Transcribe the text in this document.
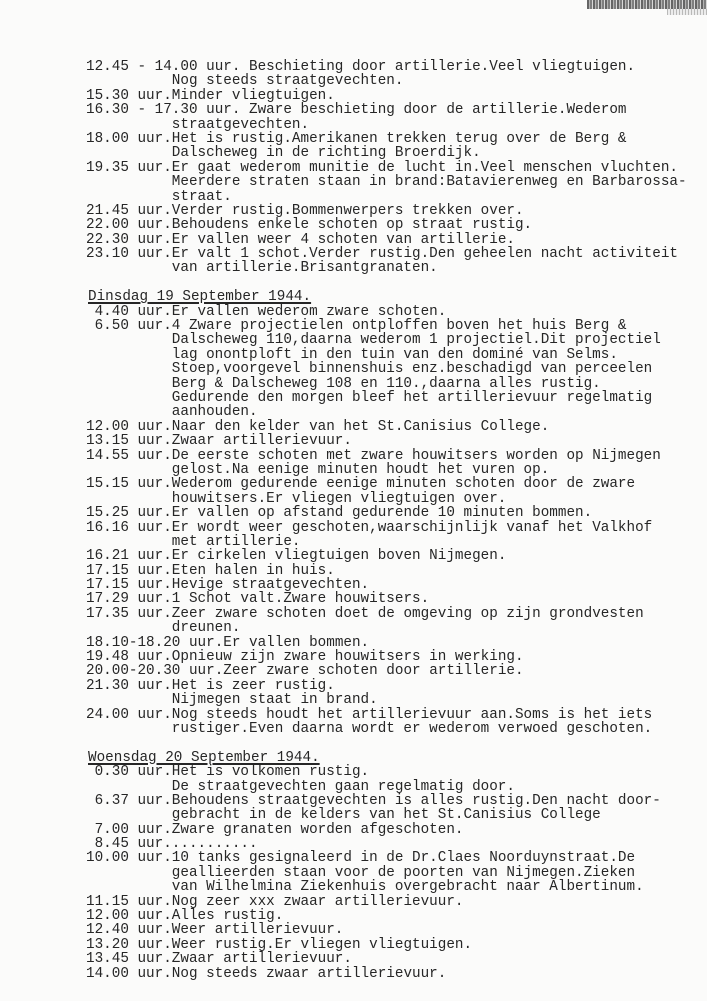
12.45 - 14.00 uur. Beschieting door artillerie.Veel vliegtuigen.
Nog steeds straatgevechten.
15.30 uur.Minder vliegtuigen.
16.30 - 17.30 uur. Zware beschieting door de artillerie.Wederom
straatgevechten.
18.00 uur.Het is rustig.Amerikanen trekken terug over de Berg &
Dalscheweg in de richting Broerdijk.
19.35 uur.Er gaat wederom munitie de lucht in.Veel menschen vluchten.
Meerdere straten staan in brand:Batavierenweg en Barbarossa-
straat.
21.45 uur.Verder rustig.Bommenwerpers trekken over.
22.00 uur.Behoudens enkele schoten op straat rustig.
22.30 uur.Er vallen weer 4 schoten van artillerie.
23.10 uur.Er valt 1 schot.Verder rustig.Den geheelen nacht activiteit
van artillerie.Brisantgranaten.
Dinsdag 19 September 1944.
4.40 uur.Er vallen wederom zware schoten.
6.50 uur.4 Zware projectielen ontploffen boven het huis Berg &
Dalscheweg 110,daarna wederom 1 projectiel.Dit projectiel
lag onontploft in den tuin van den dominé van Selms.
Stoep,voorgevel binnenshuis enz.beschadigd van perceelen
Berg & Dalscheweg 108 en 110.,daarna alles rustig.
Gedurende den morgen bleef het artillerievuur regelmatig
aanhouden.
12.00 uur.Naar den kelder van het St.Canisius College.
13.15 uur.Zwaar artillerievuur.
14.55 uur.De eerste schoten met zware houwitsers worden op Nijmegen
gelost.Na eenige minuten houdt het vuren op.
15.15 uur.Wederom gedurende eenige minuten schoten door de zware
houwitsers.Er vliegen vliegtuigen over.
15.25 uur.Er vallen op afstand gedurende 10 minuten bommen.
16.16 uur.Er wordt weer geschoten,waarschijnlijk vanaf het Valkhof
met artillerie.
16.21 uur.Er cirkelen vliegtuigen boven Nijmegen.
17.15 uur.Eten halen in huis.
17.15 uur.Hevige straatgevechten.
17.29 uur.1 Schot valt.Zware houwitsers.
17.35 uur.Zeer zware schoten doet de omgeving op zijn grondvesten
dreunen.
18.10-18.20 uur.Er vallen bommen.
19.48 uur.Opnieuw zijn zware houwitsers in werking.
20.00-20.30 uur.Zeer zware schoten door artillerie.
21.30 uur.Het is zeer rustig.
Nijmegen staat in brand.
24.00 uur.Nog steeds houdt het artillerievuur aan.Soms is het iets
rustiger.Even daarna wordt er wederom verwoed geschoten.
Woensdag 20 September 1944.
0.30 uur.Het is volkomen rustig.
De straatgevechten gaan regelmatig door.
6.37 uur.Behoudens straatgevechten is alles rustig.Den nacht door-
gebracht in de kelders van het St.Canisius College
7.00 uur.Zware granaten worden afgeschoten.
8.45 uur...........
10.00 uur.10 tanks gesignaleerd in de Dr.Claes Noorduynstraat.De
geallieerden staan voor de poorten van Nijmegen.Zieken
van Wilhelmina Ziekenhuis overgebracht naar Albertinum.
11.15 uur.Nog zeer xxx zwaar artillerievuur.
12.00 uur.Alles rustig.
12.40 uur.Weer artillerievuur.
13.20 uur.Weer rustig.Er vliegen vliegtuigen.
13.45 uur.Zwaar artillerievuur.
14.00 uur.Nog steeds zwaar artillerievuur.
